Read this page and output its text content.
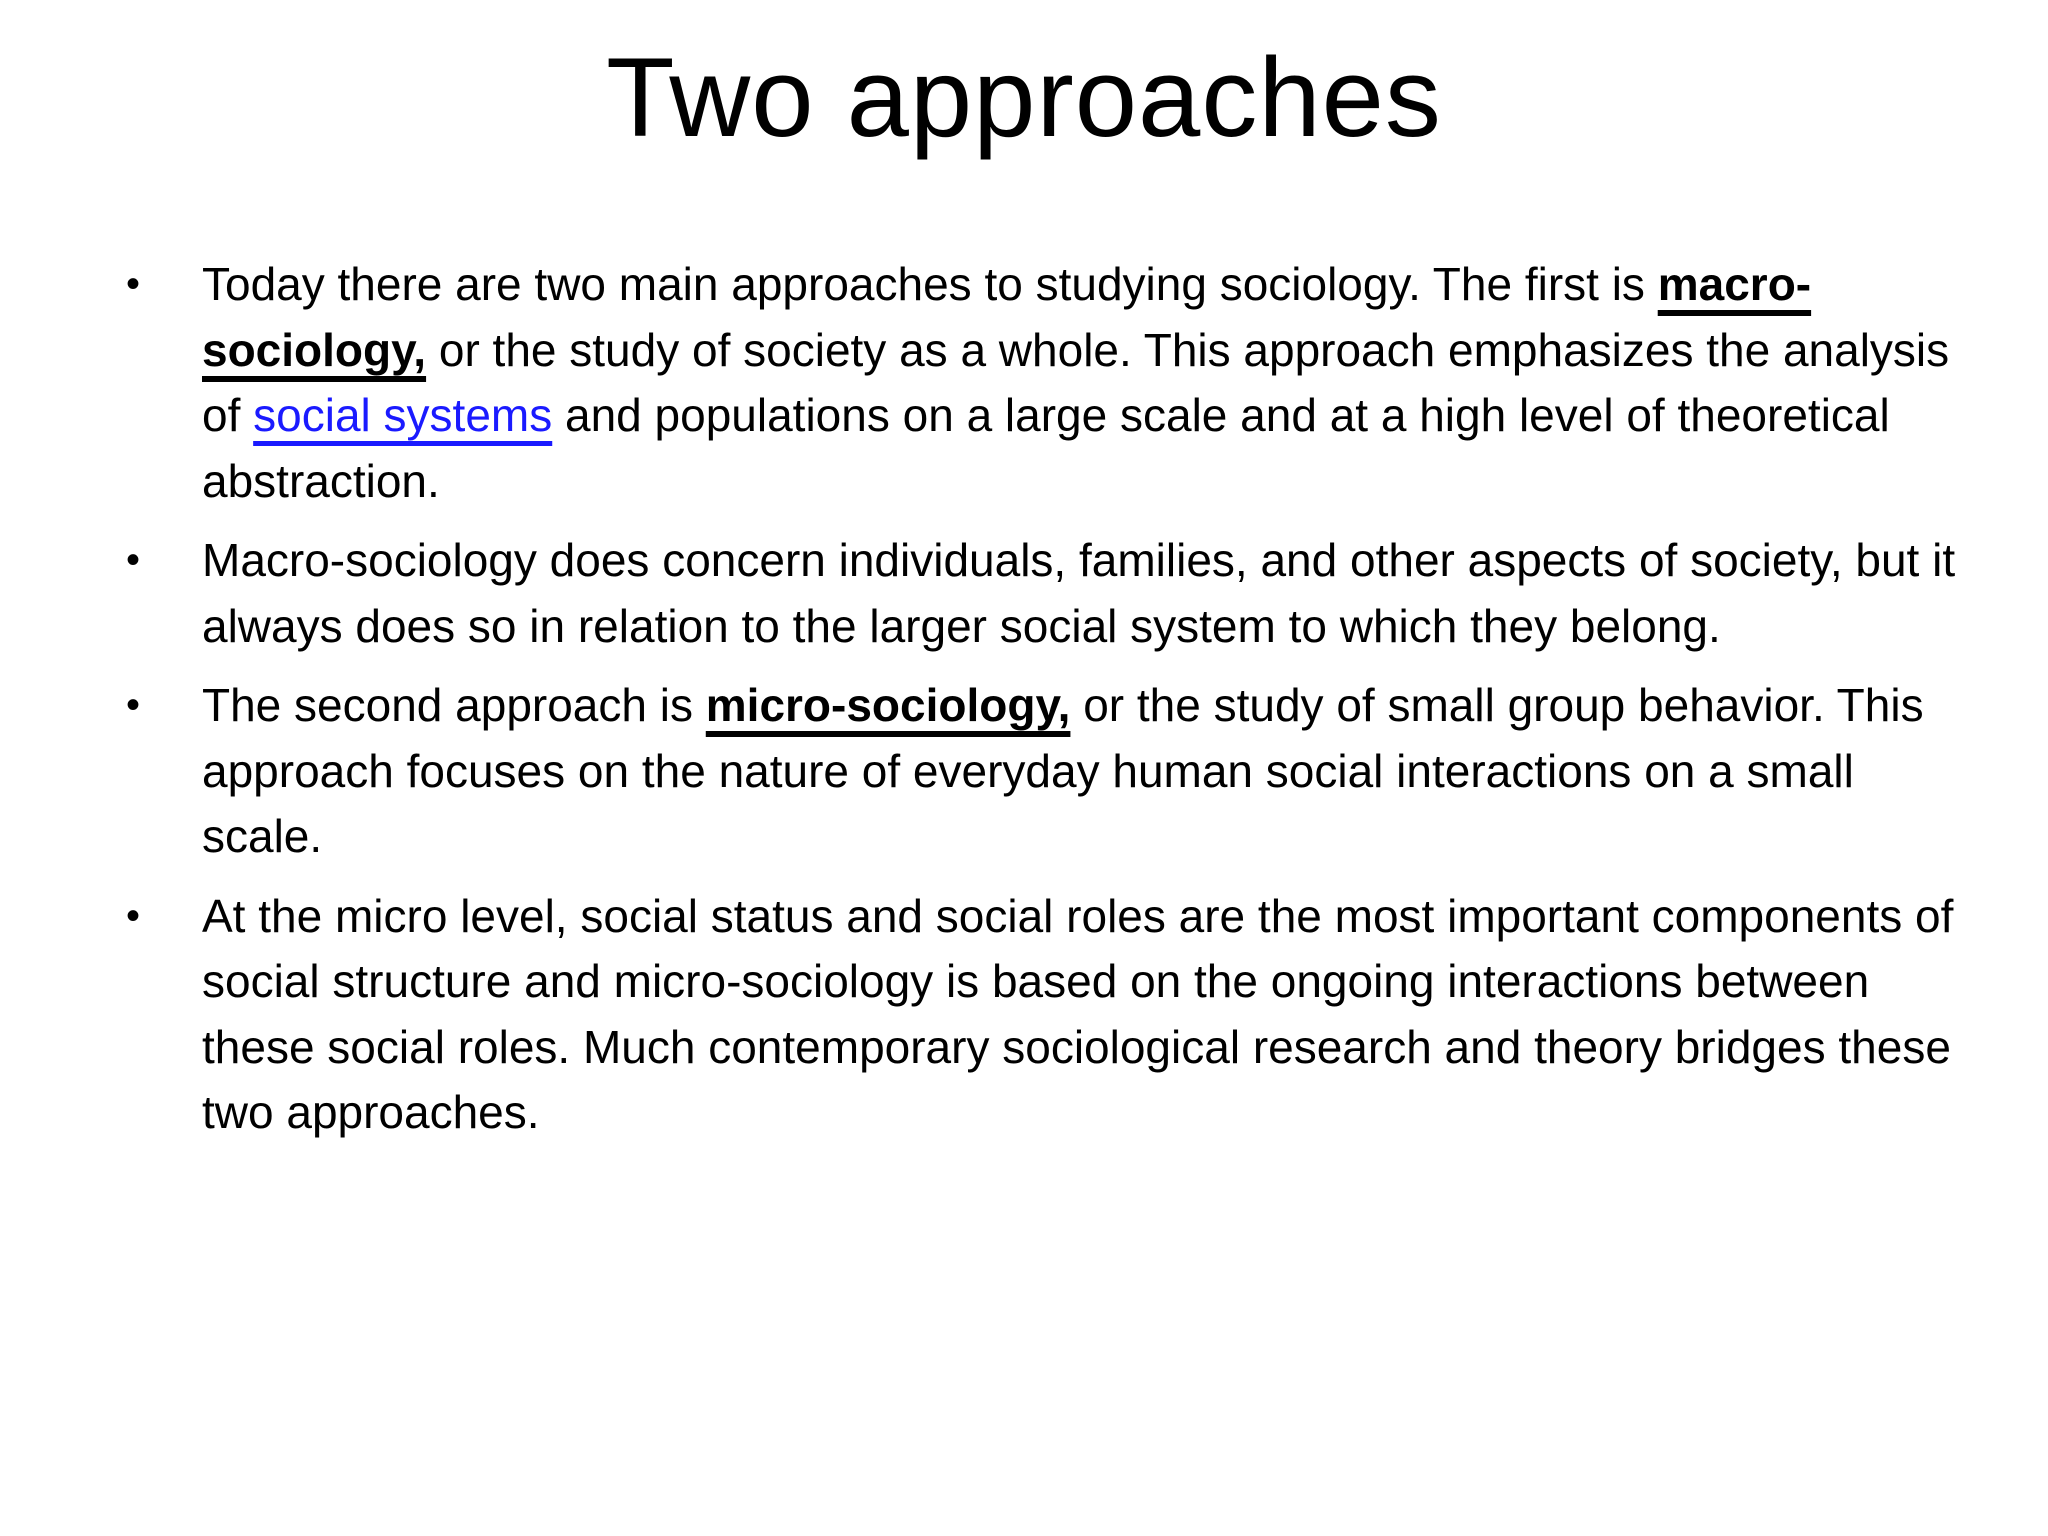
Two approaches
• Today there are two main approaches to studying sociology. The first is macro-sociology, or the study of society as a whole. This approach emphasizes the analysis of social systems and populations on a large scale and at a high level of theoretical abstraction.
• Macro-sociology does concern individuals, families, and other aspects of society, but it always does so in relation to the larger social system to which they belong.
• The second approach is micro-sociology, or the study of small group behavior. This approach focuses on the nature of everyday human social interactions on a small scale.
• At the micro level, social status and social roles are the most important components of social structure and micro-sociology is based on the ongoing interactions between these social roles. Much contemporary sociological research and theory bridges these two approaches.
